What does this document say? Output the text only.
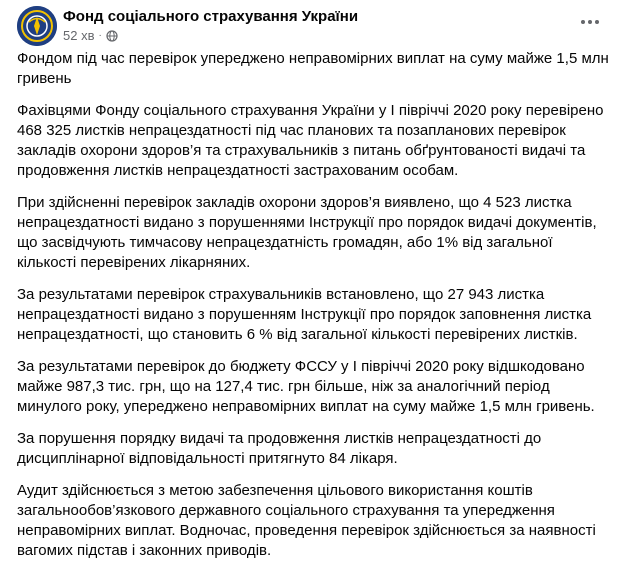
Фонд соціального страхування України
52 хв ·

Фондом під час перевірок упереджено неправомірних виплат на суму майже 1,5 млн гривень

Фахівцями Фонду соціального страхування України у І півріччі 2020 року перевірено 468 325 листків непрацездатності під час планових та позапланових перевірок закладів охорони здоров’я та страхувальників з питань обґрунтованості видачі та продовження листків непрацездатності застрахованим особам.

При здійсненні перевірок закладів охорони здоров’я виявлено, що 4 523 листка непрацездатності видано з порушеннями Інструкції про порядок видачі документів, що засвідчують тимчасову непрацездатність громадян, або 1% від загальної кількості перевірених лікарняних.

За результатами перевірок страхувальників встановлено, що 27 943 листка непрацездатності видано з порушенням Інструкції про порядок заповнення листка непрацездатності, що становить 6 % від загальної кількості перевірених листків.

За результатами перевірок до бюджету ФССУ у І півріччі 2020 року відшкодовано майже 987,3 тис. грн, що на 127,4 тис. грн більше, ніж за аналогічний період минулого року, упереджено неправомірних виплат на суму майже 1,5 млн гривень.

За порушення порядку видачі та продовження листків непрацездатності до дисциплінарної відповідальності притягнуто 84 лікаря.

Аудит здійснюється з метою забезпечення цільового використання коштів загальнообов’язкового державного соціального страхування та упередження неправомірних виплат. Водночас, проведення перевірок здійснюється за наявності вагомих підстав і законних приводів.
